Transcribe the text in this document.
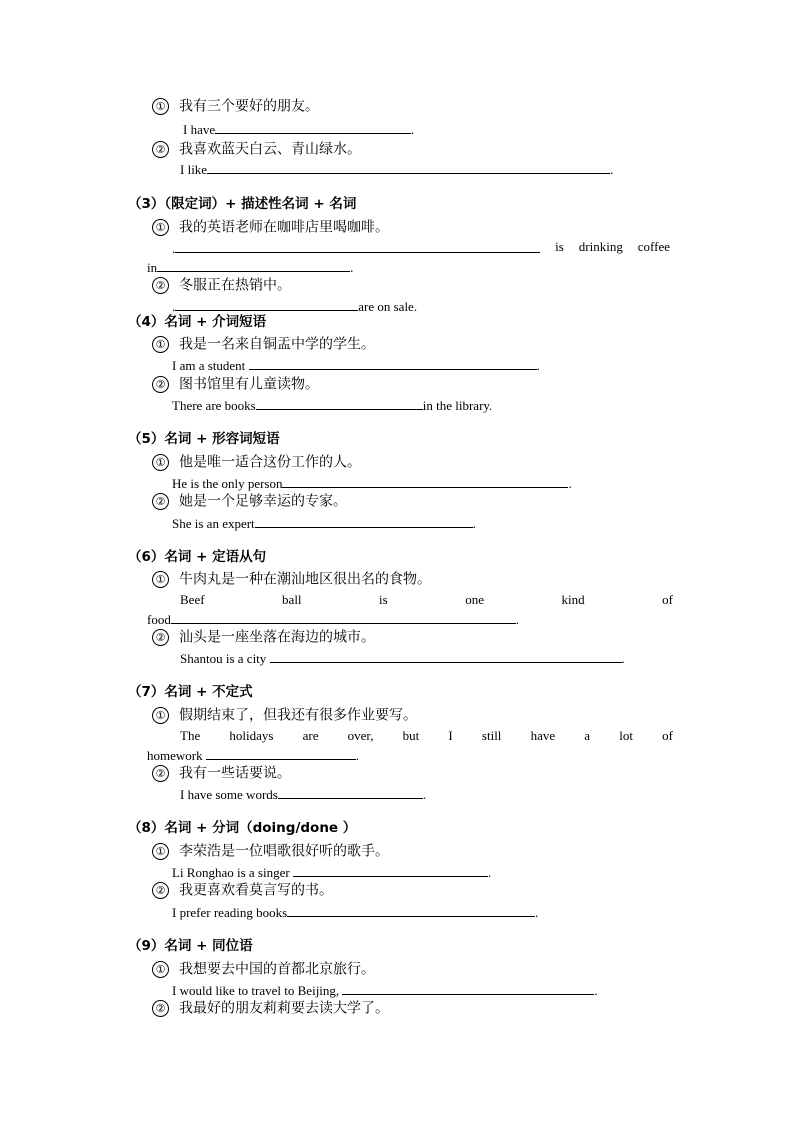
① 我有三个要好的朋友。
I have	.
② 我喜欢蓝天白云、青山绿水。
I like	.
（3）（限定词）+ 描述性名词 + 名词
① 我的英语老师在咖啡店里喝咖啡。
.	is drinking coffee
in	.
② 冬服正在热销中。
.	are on sale.
（4）名词 + 介词短语
① 我是一名来自铜盂中学的学生。
I am a student	.
② 图书馆里有儿童读物。
There are books	in the library.
（5）名词 + 形容词短语
① 他是唯一适合这份工作的人。
He is the only person	.
② 她是一个足够幸运的专家。
She is an expert	.
（6）名词 + 定语从句
① 牛肉丸是一种在潮汕地区很出名的食物。
Beef	ball	is	one	kind	of
food	.
② 汕头是一座坐落在海边的城市。
Shantou is a city	.
（7）名词 + 不定式
① 假期结束了，但我还有很多作业要写。
The holidays are over, but I still have a lot of
homework	.
② 我有一些话要说。
I have some words	.
（8）名词 + 分词（doing/done ）
① 李荣浩是一位唱歌很好听的歌手。
Li Ronghao is a singer	.
② 我更喜欢看莫言写的书。
I prefer reading books	.
（9）名词 + 同位语
① 我想要去中国的首都北京旅行。
I would like to travel to Beijing,	.
② 我最好的朋友莉莉要去读大学了。
